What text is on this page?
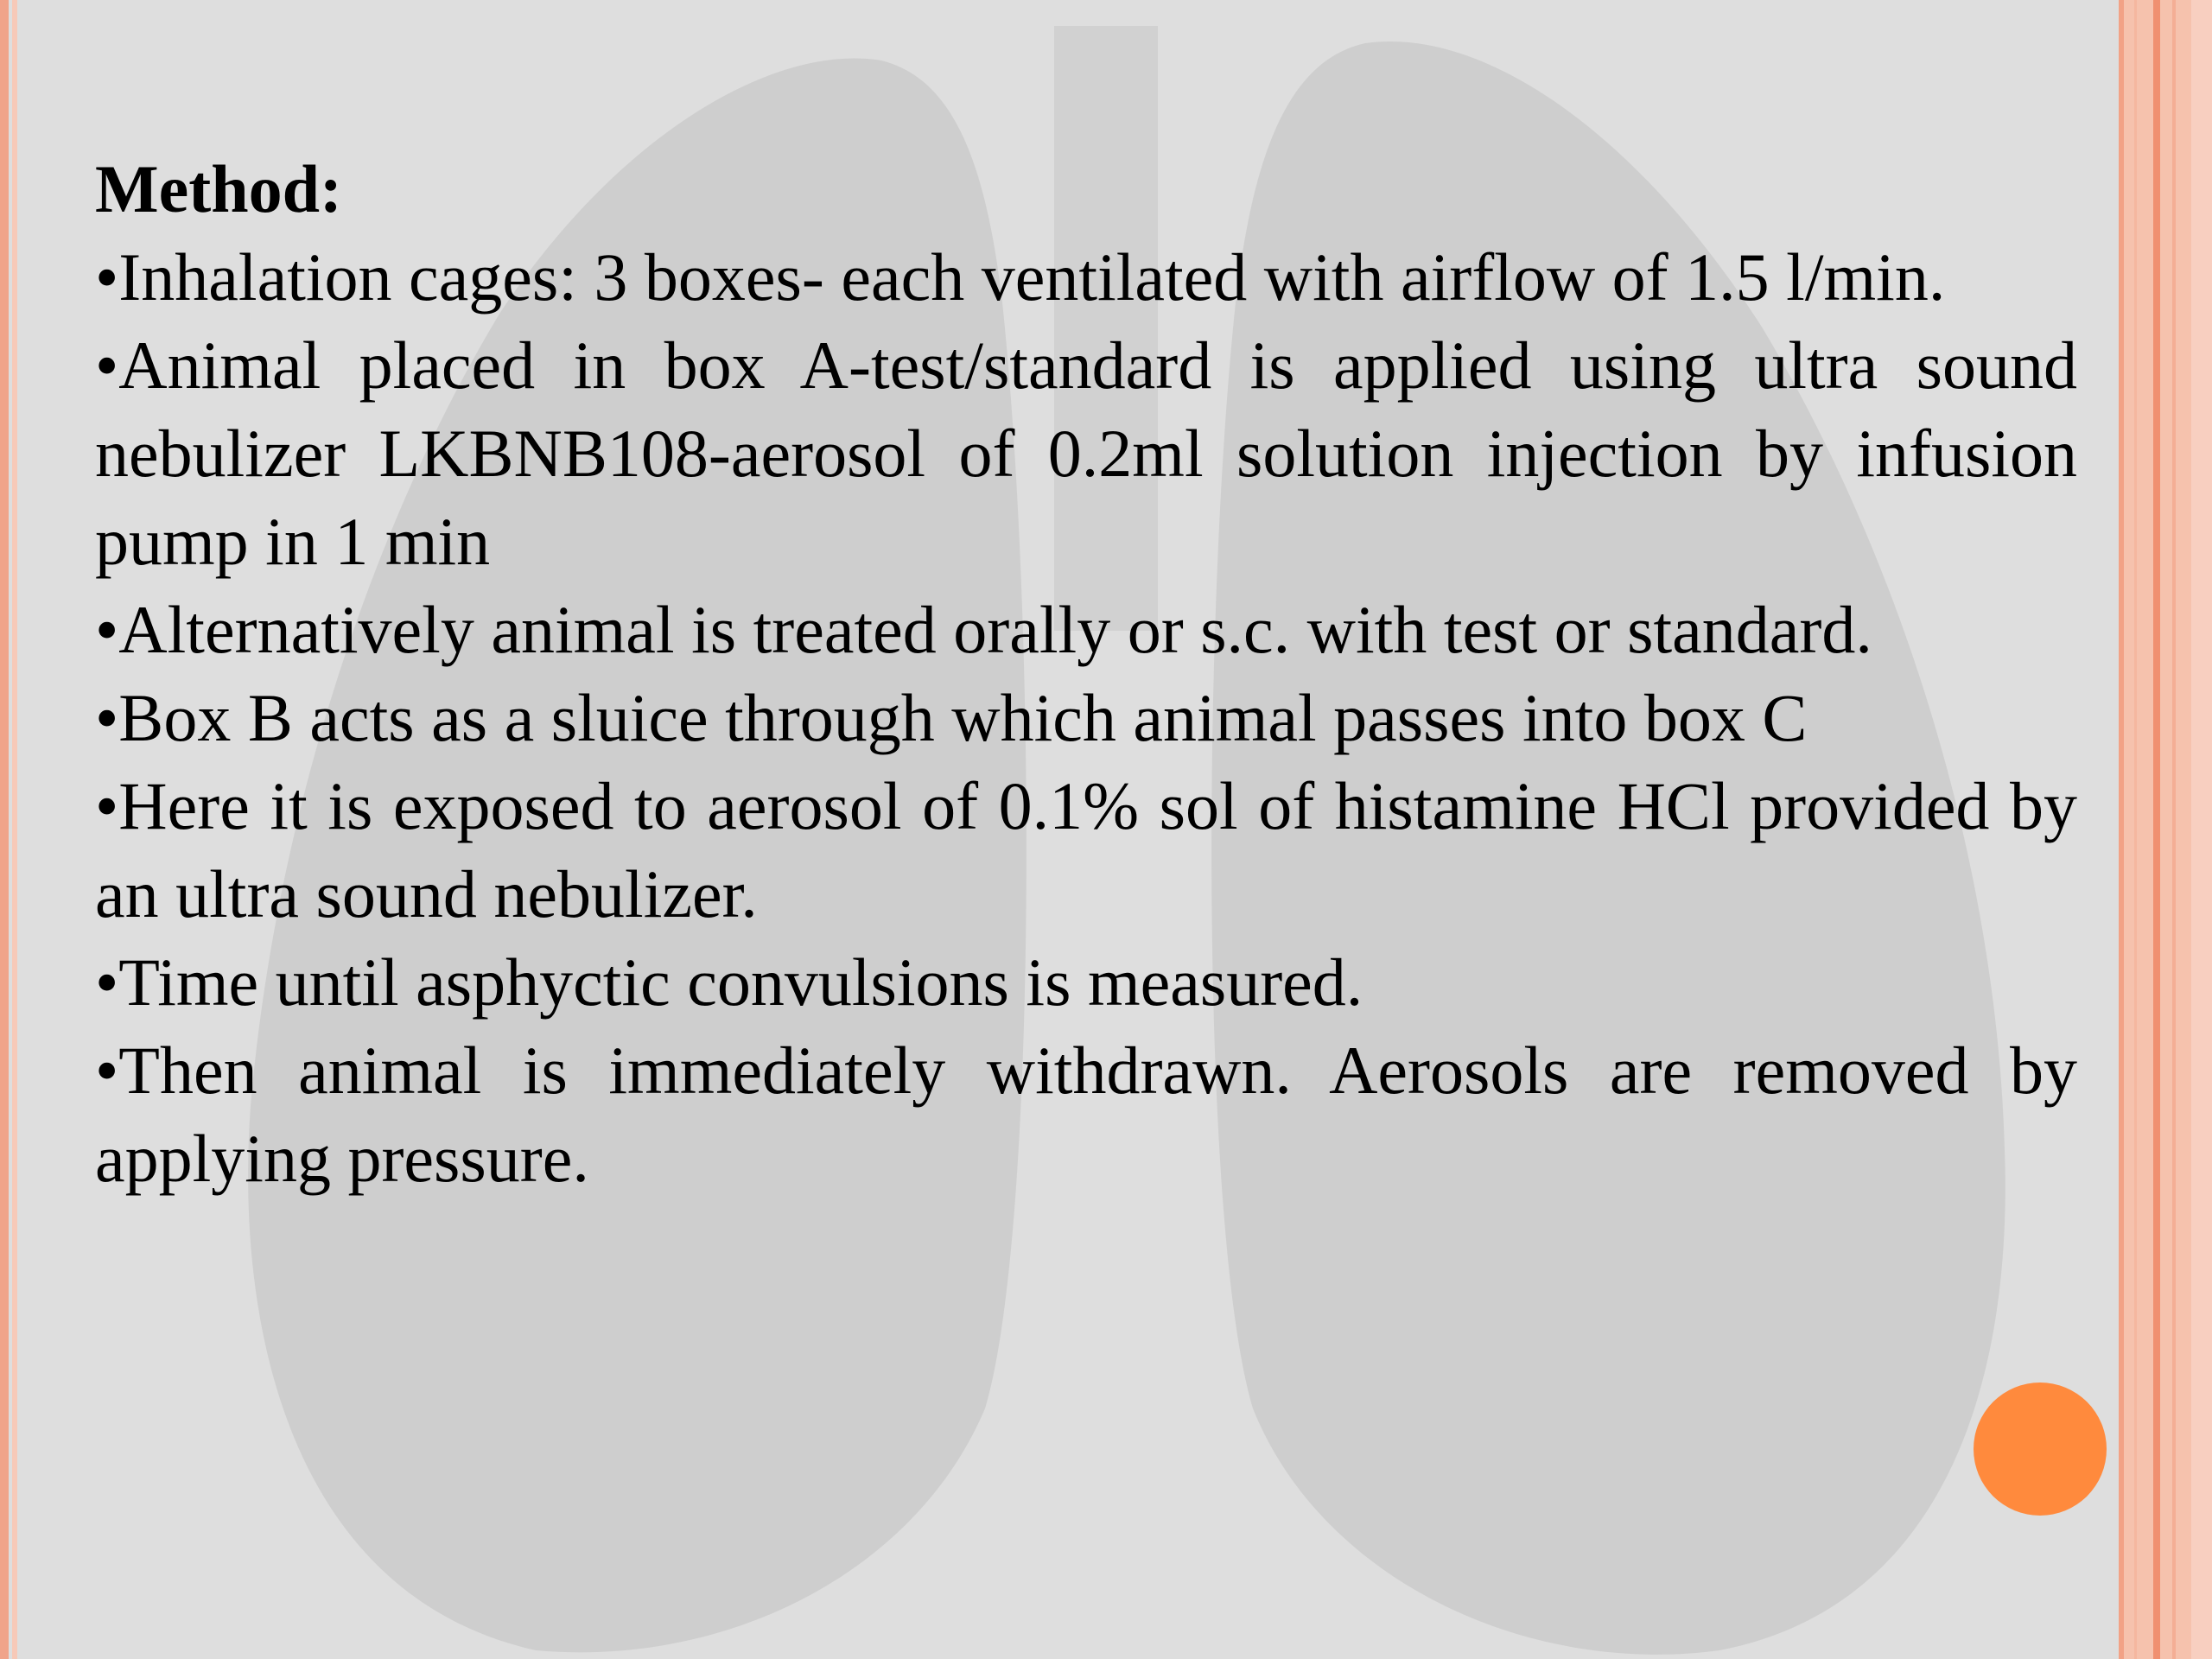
Method:

•Inhalation cages: 3 boxes- each ventilated with airflow of 1.5 l/min.

•Animal placed in box A-test/standard is applied using ultra sound nebulizer LKBNB108-aerosol of 0.2ml solution injection by infusion pump in 1 min

•Alternatively animal is treated orally or s.c. with test or standard.

•Box B acts as a sluice through which animal passes into box C

•Here it is exposed to aerosol of 0.1% sol of histamine HCl provided by an ultra sound nebulizer.

•Time until asphyctic convulsions is measured.

•Then animal is immediately withdrawn. Aerosols are removed by applying pressure.
